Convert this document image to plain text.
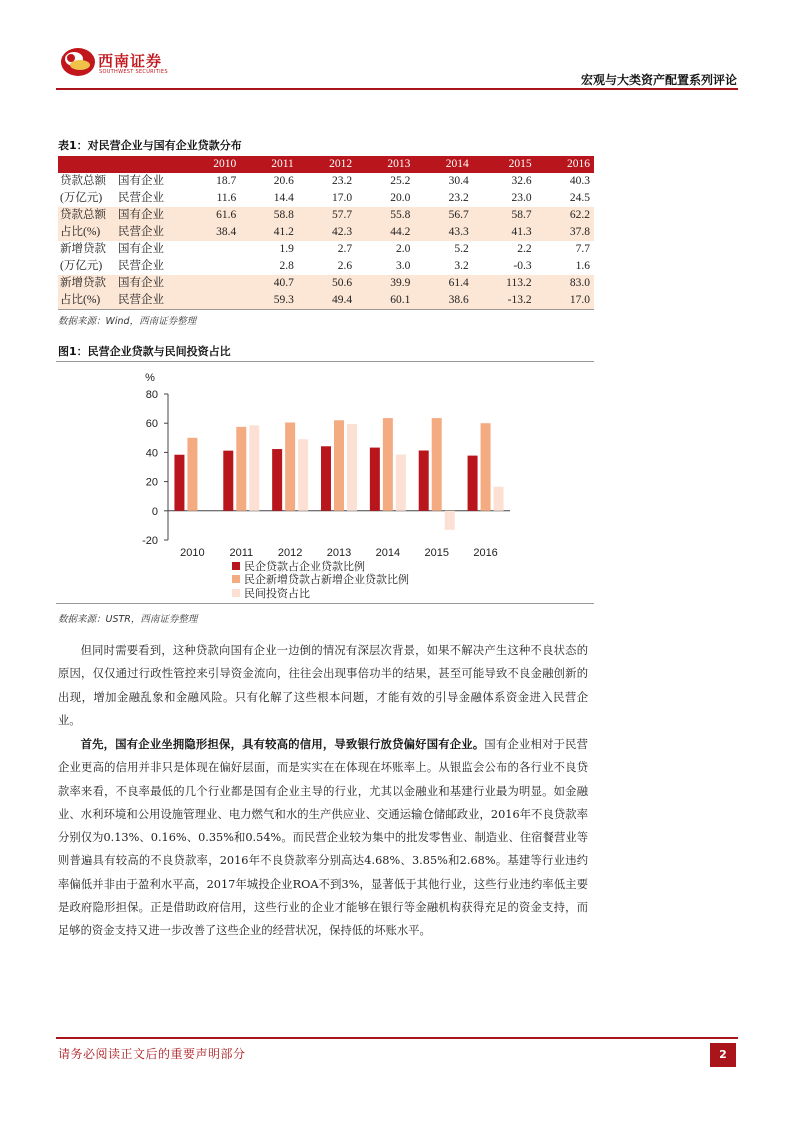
西南证券
SOUTHWEST SECURITIES
宏观与大类资产配置系列评论
表1：对民营企业与国有企业贷款分布
		2010	2011	2012	2013	2014	2015	2016
贷款总额	国有企业	18.7	20.6	23.2	25.2	30.4	32.6	40.3
(万亿元)	民营企业	11.6	14.4	17.0	20.0	23.2	23.0	24.5
贷款总额	国有企业	61.6	58.8	57.7	55.8	56.7	58.7	62.2
占比(%)	民营企业	38.4	41.2	42.3	44.2	43.3	41.3	37.8
新增贷款	国有企业		1.9	2.7	2.0	5.2	2.2	7.7
(万亿元)	民营企业		2.8	2.6	3.0	3.2	-0.3	1.6
新增贷款	国有企业		40.7	50.6	39.9	61.4	113.2	83.0
占比(%)	民营企业		59.3	49.4	60.1	38.6	-13.2	17.0
数据来源：Wind，西南证券整理
图1：民营企业贷款与民间投资占比
%
-20
0
20
40
60
80
2010 2011 2012 2013 2014 2015 2016
民企贷款占企业贷款比例
民企新增贷款占新增企业贷款比例
民间投资占比
数据来源：USTR，西南证券整理
但同时需要看到，这种贷款向国有企业一边倒的情况有深层次背景，如果不解决产生这种不良状态的原因，仅仅通过行政性管控来引导资金流向，往往会出现事倍功半的结果，甚至可能导致不良金融创新的出现，增加金融乱象和金融风险。只有化解了这些根本问题，才能有效的引导金融体系资金进入民营企业。
首先，国有企业坐拥隐形担保，具有较高的信用，导致银行放贷偏好国有企业。国有企业相对于民营企业更高的信用并非只是体现在偏好层面，而是实实在在体现在坏账率上。从银监会公布的各行业不良贷款率来看，不良率最低的几个行业都是国有企业主导的行业，尤其以金融业和基建行业最为明显。如金融业、水利环境和公用设施管理业、电力燃气和水的生产供应业、交通运输仓储邮政业，2016年不良贷款率分别仅为0.13%、0.16%、0.35%和0.54%。而民营企业较为集中的批发零售业、制造业、住宿餐营业等则普遍具有较高的不良贷款率，2016年不良贷款率分别高达4.68%、3.85%和2.68%。基建等行业违约率偏低并非由于盈利水平高，2017年城投企业ROA不到3%，显著低于其他行业，这些行业违约率低主要是政府隐形担保。正是借助政府信用，这些行业的企业才能够在银行等金融机构获得充足的资金支持，而足够的资金支持又进一步改善了这些企业的经营状况，保持低的坏账水平。
请务必阅读正文后的重要声明部分	2
